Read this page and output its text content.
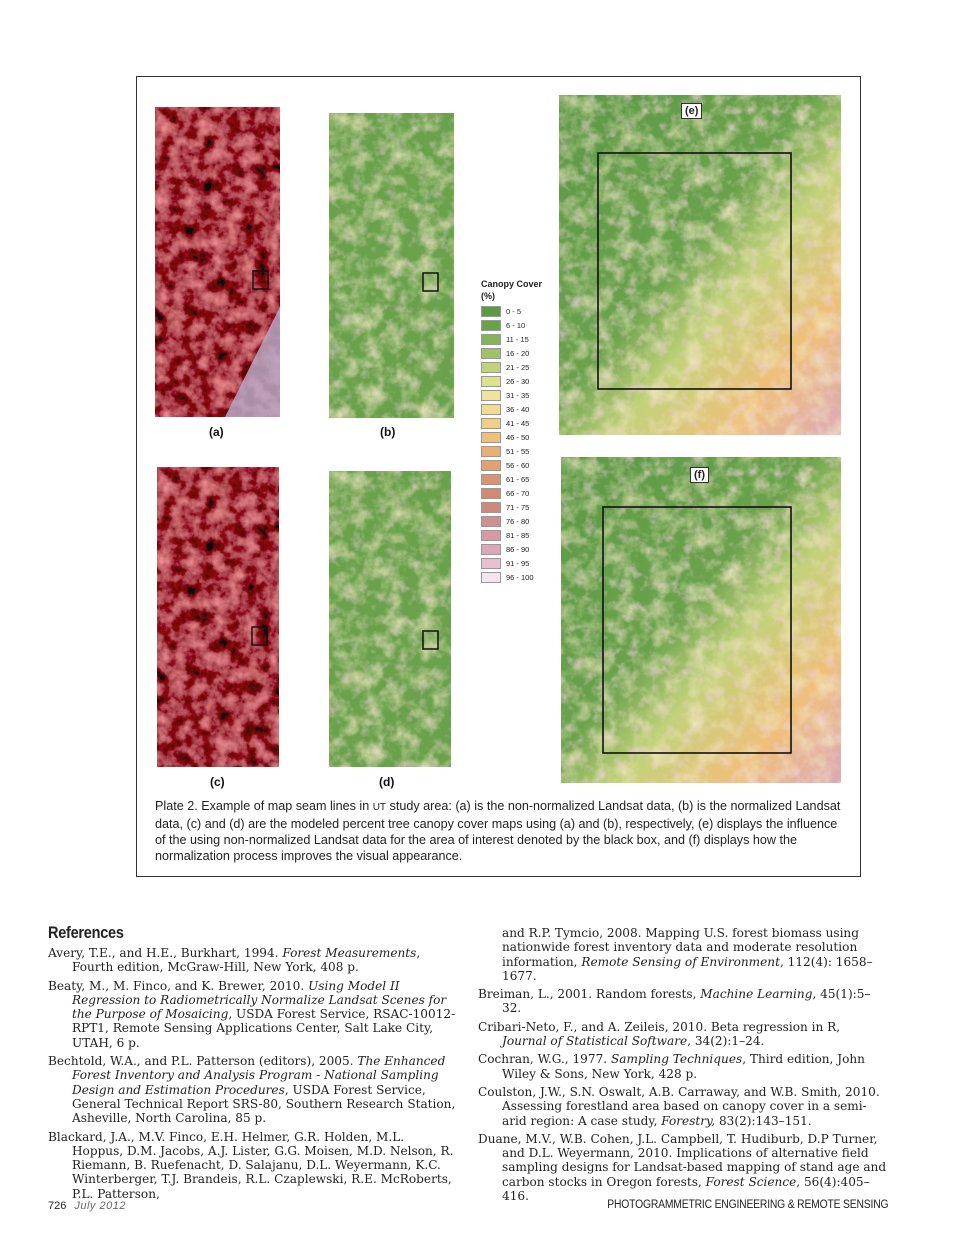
(a)	(b)
(c)	(d)
Canopy Cover
(%)
0 - 5
6 - 10
11 - 15
16 - 20
21 - 25
26 - 30
31 - 35
36 - 40
41 - 45
46 - 50
51 - 55
56 - 60
61 - 65
66 - 70
71 - 75
76 - 80
81 - 85
86 - 90
91 - 95
96 - 100
(e)
(f)
Plate 2. Example of map seam lines in UT study area: (a) is the non-normalized Landsat data, (b) is the normalized Landsat data, (c) and (d) are the modeled percent tree canopy cover maps using (a) and (b), respectively, (e) displays the influence of the using non-normalized Landsat data for the area of interest denoted by the black box, and (f) displays how the normalization process improves the visual appearance.
References
Avery, T.E., and H.E., Burkhart, 1994. Forest Measurements, Fourth edition, McGraw-Hill, New York, 408 p.
Beaty, M., M. Finco, and K. Brewer, 2010. Using Model II Regression to Radiometrically Normalize Landsat Scenes for the Purpose of Mosaicing, USDA Forest Service, RSAC-10012-RPT1, Remote Sensing Applications Center, Salt Lake City, UTAH, 6 p.
Bechtold, W.A., and P.L. Patterson (editors), 2005. The Enhanced Forest Inventory and Analysis Program - National Sampling Design and Estimation Procedures, USDA Forest Service, General Technical Report SRS-80, Southern Research Station, Asheville, North Carolina, 85 p.
Blackard, J.A., M.V. Finco, E.H. Helmer, G.R. Holden, M.L. Hoppus, D.M. Jacobs, A.J. Lister, G.G. Moisen, M.D. Nelson, R. Riemann, B. Ruefenacht, D. Salajanu, D.L. Weyermann, K.C. Winterberger, T.J. Brandeis, R.L. Czaplewski, R.E. McRoberts, P.L. Patterson,
and R.P. Tymcio, 2008. Mapping U.S. forest biomass using nationwide forest inventory data and moderate resolution information, Remote Sensing of Environment, 112(4): 1658–1677.
Breiman, L., 2001. Random forests, Machine Learning, 45(1):5–32.
Cribari-Neto, F., and A. Zeileis, 2010. Beta regression in R, Journal of Statistical Software, 34(2):1–24.
Cochran, W.G., 1977. Sampling Techniques, Third edition, John Wiley & Sons, New York, 428 p.
Coulston, J.W., S.N. Oswalt, A.B. Carraway, and W.B. Smith, 2010. Assessing forestland area based on canopy cover in a semi-arid region: A case study, Forestry, 83(2):143–151.
Duane, M.V., W.B. Cohen, J.L. Campbell, T. Hudiburb, D.P Turner, and D.L. Weyermann, 2010. Implications of alternative field sampling designs for Landsat-based mapping of stand age and carbon stocks in Oregon forests, Forest Science, 56(4):405–416.
726 July 2012	PHOTOGRAMMETRIC ENGINEERING & REMOTE SENSING
